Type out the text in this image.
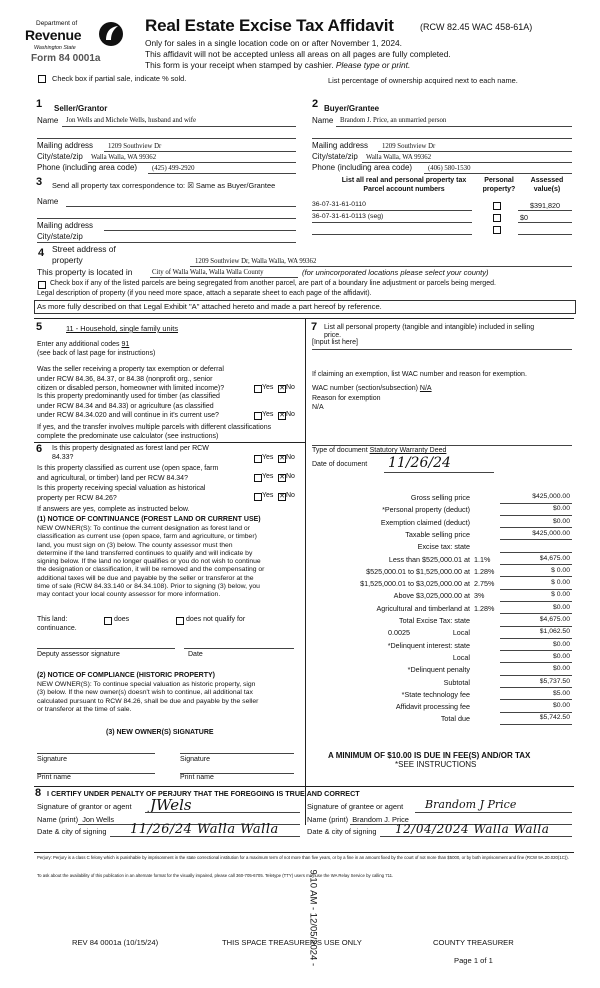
Department of
Revenue
Washington State
Form 84 0001a
Real Estate Excise Tax Affidavit	(RCW 82.45 WAC 458-61A)
Only for sales in a single location code on or after November 1, 2024.
This affidavit will not be accepted unless all areas on all pages are fully completed.
This form is your receipt when stamped by cashier. Please type or print.
Check box if partial sale, indicate % sold.	List percentage of ownership acquired next to each name.
1 Seller/Grantor
Name Jon Wells and Michele Wells, husband and wife
Mailing address 1209 Southview Dr
City/state/zip Walla Walla, WA 99362
Phone (including area code) (425) 499-2920
2 Buyer/Grantee
Name Brandom J. Price, an unmarried person
Mailing address 1209 Southview Dr
City/state/zip Walla Walla, WA 99362
Phone (including area code) (406) 580-1530
3 Send all property tax correspondence to: ☒ Same as Buyer/Grantee
Name
Mailing address
City/state/zip
List all real and personal property tax
Parcel account numbers
Personal
property?
Assessed
value(s)
36-07-31-61-0110	$391,820
36-07-31-61-0113 (seg)	$0
4 Street address of
property	1209 Southview Dr, Walla Walla, WA 99362
This property is located in	City of Walla Walla, Walla Walla County	(for unincorporated locations please select your county)
Check box if any of the listed parcels are being segregated from another parcel, are part of a boundary line adjustment or parcels being merged.
Legal description of property (if you need more space, attach a separate sheet to each page of the affidavit).
As more fully described on that Legal Exhibit "A" attached hereto and made a part hereof by reference.
5	11 - Household, single family units
Enter any additional codes 91
(see back of last page for instructions)
Was the seller receiving a property tax exemption or deferral
under RCW 84.36, 84.37, or 84.38 (nonprofit org., senior
citizen or disabled person, homeowner with limited income)?	Yes ✕ No
Is this property predominantly used for timber (as classified
under RCW 84.34 and 84.33) or agriculture (as classified
under RCW 84.34.020 and will continue in it's current use?	Yes ✕ No
If yes, and the transfer involves multiple parcels with different classifications
complete the predominate use calculator (see instructions)
6 Is this property designated as forest land per RCW
84.33?	Yes ✕ No
Is this property classified as current use (open space, farm
and agricultural, or timber) land per RCW 84.34?	Yes ✕ No
Is this property receiving special valuation as historical
property per RCW 84.26?	Yes ✕ No
If answers are yes, complete as instructed below.
(1) NOTICE OF CONTINUANCE (FOREST LAND OR CURRENT USE)
NEW OWNER(S): To continue the current designation as forest land or
classification as current use (open space, farm and agriculture, or timber)
land, you must sign on (3) below. The county assessor must then
determine if the land transferred continues to qualify and will indicate by
signing below. If the land no longer qualifies or you do not wish to continue
the designation or classification, it will be removed and the compensating or
additional taxes will be due and payable by the seller or transferor at the
time of sale (RCW 84.33.140 or 84.34.108). Prior to signing (3) below, you
may contact your local county assessor for more information.
This land:	does	does not qualify for
continuance.
Deputy assessor signature	Date
(2) NOTICE OF COMPLIANCE (HISTORIC PROPERTY)
NEW OWNER(S): To continue special valuation as historic property, sign
(3) below. If the new owner(s) doesn't wish to continue, all additional tax
calculated pursuant to RCW 84.26, shall be due and payable by the seller
or transferor at the time of sale.
(3) NEW OWNER(S) SIGNATURE
Signature	Signature
Print name	Print name
7 List all personal property (tangible and intangible) included in selling
price.
[Input list here]
If claiming an exemption, list WAC number and reason for exemption.
WAC number (section/subsection) N/A
Reason for exemption
N/A
Type of document Statutory Warranty Deed
Date of document 11/26/24
Gross selling price	$425,000.00
*Personal property (deduct)	$0.00
Exemption claimed (deduct)	$0.00
Taxable selling price	$425,000.00
Excise tax: state
Less than $525,000.01 at 1.1%	$4,675.00
$525,000.01 to $1,525,000.00 at 1.28%	$ 0.00
$1,525,000.01 to $3,025,000.00 at 2.75%	$ 0.00
Above $3,025,000.00 at 3%	$ 0.00
Agricultural and timberland at 1.28%	$0.00
Total Excise Tax: state	$4,675.00
Local
0.0025	$1,062.50
*Delinquent interest: state	$0.00
Local	$0.00
*Delinquent penalty	$0.00
Subtotal	$5,737.50
*State technology fee	$5.00
Affidavit processing fee	$0.00
Total due	$5,742.50
A MINIMUM OF $10.00 IS DUE IN FEE(S) AND/OR TAX
*SEE INSTRUCTIONS
8 I CERTIFY UNDER PENALTY OF PERJURY THAT THE FOREGOING IS TRUE AND CORRECT
Signature of grantor or agent JWels
Name (print) Jon Wells
Date & city of signing 11/26/24 Walla Walla
Signature of grantee or agent Brandom J Price
Name (print) Brandom J. Price
Date & city of signing 12/04/2024 Walla Walla
Perjury: Perjury is a class C felony which is punishable by imprisonment in the state correctional institution for a maximum term of not more than five years, or by a fine in an amount fixed by the court of not more than $5000, or by both imprisonment and fine (RCW 9A.20.020(1C)).
To ask about the availability of this publication in an alternate format for the visually impaired, please call 360-705-6705. Teletype (TTY) users may use the WA Relay Service by calling 711.
9:10 AM - 12/05/2024 -
REV 84 0001a (10/15/24)	THIS SPACE TREASURER'S USE ONLY	COUNTY TREASURER
Page 1 of 1
